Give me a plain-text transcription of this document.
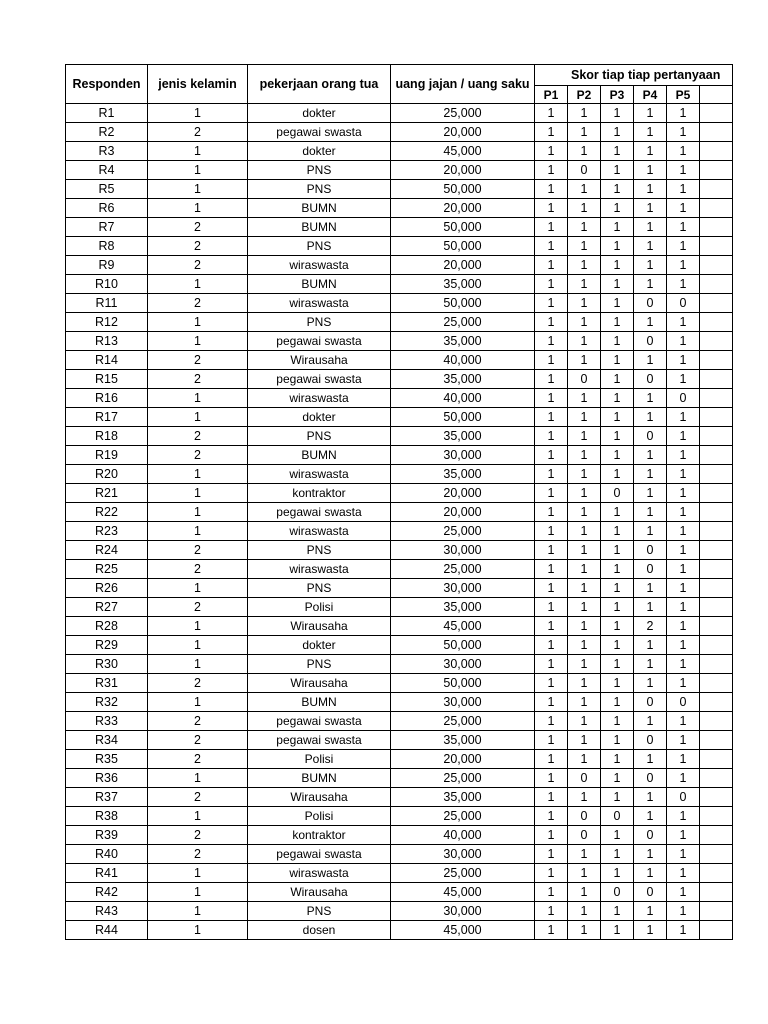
Responden	jenis kelamin	pekerjaan orang tua	uang jajan / uang saku	Skor tiap tiap pertanyaan					
				P1	P2	P3	P4	P5	
R1	1	dokter	25,000	1	1	1	1	1	
R2	2	pegawai swasta	20,000	1	1	1	1	1	
R3	1	dokter	45,000	1	1	1	1	1	
R4	1	PNS	20,000	1	0	1	1	1	
R5	1	PNS	50,000	1	1	1	1	1	
R6	1	BUMN	20,000	1	1	1	1	1	
R7	2	BUMN	50,000	1	1	1	1	1	
R8	2	PNS	50,000	1	1	1	1	1	
R9	2	wiraswasta	20,000	1	1	1	1	1	
R10	1	BUMN	35,000	1	1	1	1	1	
R11	2	wiraswasta	50,000	1	1	1	0	0	
R12	1	PNS	25,000	1	1	1	1	1	
R13	1	pegawai swasta	35,000	1	1	1	0	1	
R14	2	Wirausaha	40,000	1	1	1	1	1	
R15	2	pegawai swasta	35,000	1	0	1	0	1	
R16	1	wiraswasta	40,000	1	1	1	1	0	
R17	1	dokter	50,000	1	1	1	1	1	
R18	2	PNS	35,000	1	1	1	0	1	
R19	2	BUMN	30,000	1	1	1	1	1	
R20	1	wiraswasta	35,000	1	1	1	1	1	
R21	1	kontraktor	20,000	1	1	0	1	1	
R22	1	pegawai swasta	20,000	1	1	1	1	1	
R23	1	wiraswasta	25,000	1	1	1	1	1	
R24	2	PNS	30,000	1	1	1	0	1	
R25	2	wiraswasta	25,000	1	1	1	0	1	
R26	1	PNS	30,000	1	1	1	1	1	
R27	2	Polisi	35,000	1	1	1	1	1	
R28	1	Wirausaha	45,000	1	1	1	2	1	
R29	1	dokter	50,000	1	1	1	1	1	
R30	1	PNS	30,000	1	1	1	1	1	
R31	2	Wirausaha	50,000	1	1	1	1	1	
R32	1	BUMN	30,000	1	1	1	0	0	
R33	2	pegawai swasta	25,000	1	1	1	1	1	
R34	2	pegawai swasta	35,000	1	1	1	0	1	
R35	2	Polisi	20,000	1	1	1	1	1	
R36	1	BUMN	25,000	1	0	1	0	1	
R37	2	Wirausaha	35,000	1	1	1	1	0	
R38	1	Polisi	25,000	1	0	0	1	1	
R39	2	kontraktor	40,000	1	0	1	0	1	
R40	2	pegawai swasta	30,000	1	1	1	1	1	
R41	1	wiraswasta	25,000	1	1	1	1	1	
R42	1	Wirausaha	45,000	1	1	0	0	1	
R43	1	PNS	30,000	1	1	1	1	1	
R44	1	dosen	45,000	1	1	1	1	1	
